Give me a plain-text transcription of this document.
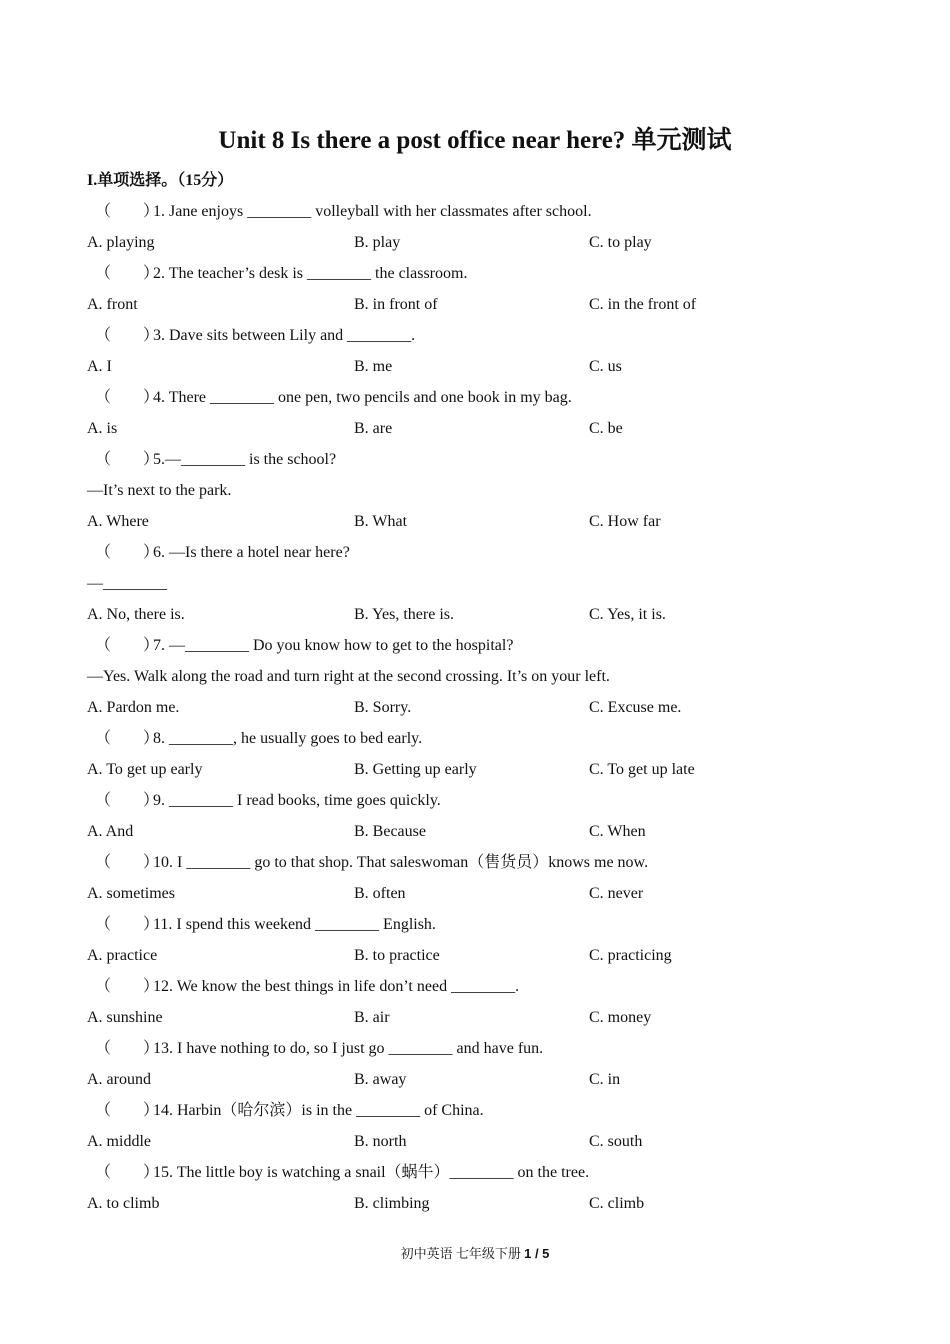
Unit 8 Is there a post office near here? 单元测试
I.单项选择。（15分）
（　　）1. Jane enjoys ________ volleyball with her classmates after school.
A. playing	B. play	C. to play
（　　）2. The teacher’s desk is ________ the classroom.
A. front	B. in front of	C. in the front of
（　　）3. Dave sits between Lily and ________.
A. I	B. me	C. us
（　　）4. There ________ one pen, two pencils and one book in my bag.
A. is	B. are	C. be
（　　）5.—________ is the school?
—It’s next to the park.
A. Where	B. What	C. How far
（　　）6. —Is there a hotel near here?
—________
A. No, there is.	B. Yes, there is.	C. Yes, it is.
（　　）7. —________ Do you know how to get to the hospital?
—Yes. Walk along the road and turn right at the second crossing. It’s on your left.
A. Pardon me.	B. Sorry.	C. Excuse me.
（　　）8. ________, he usually goes to bed early.
A. To get up early	B. Getting up early	C. To get up late
（　　）9. ________ I read books, time goes quickly.
A. And	B. Because	C. When
（　　）10. I ________ go to that shop. That saleswoman（售货员）knows me now.
A. sometimes	B. often	C. never
（　　）11. I spend this weekend ________ English.
A. practice	B. to practice	C. practicing
（　　）12. We know the best things in life don’t need ________.
A. sunshine	B. air	C. money
（　　）13. I have nothing to do, so I just go ________ and have fun.
A. around	B. away	C. in
（　　）14. Harbin（哈尔滨）is in the ________ of China.
A. middle	B. north	C. south
（　　）15. The little boy is watching a snail（蜗牛）________ on the tree.
A. to climb	B. climbing	C. climb
初中英语 七年级下册 1 / 5
